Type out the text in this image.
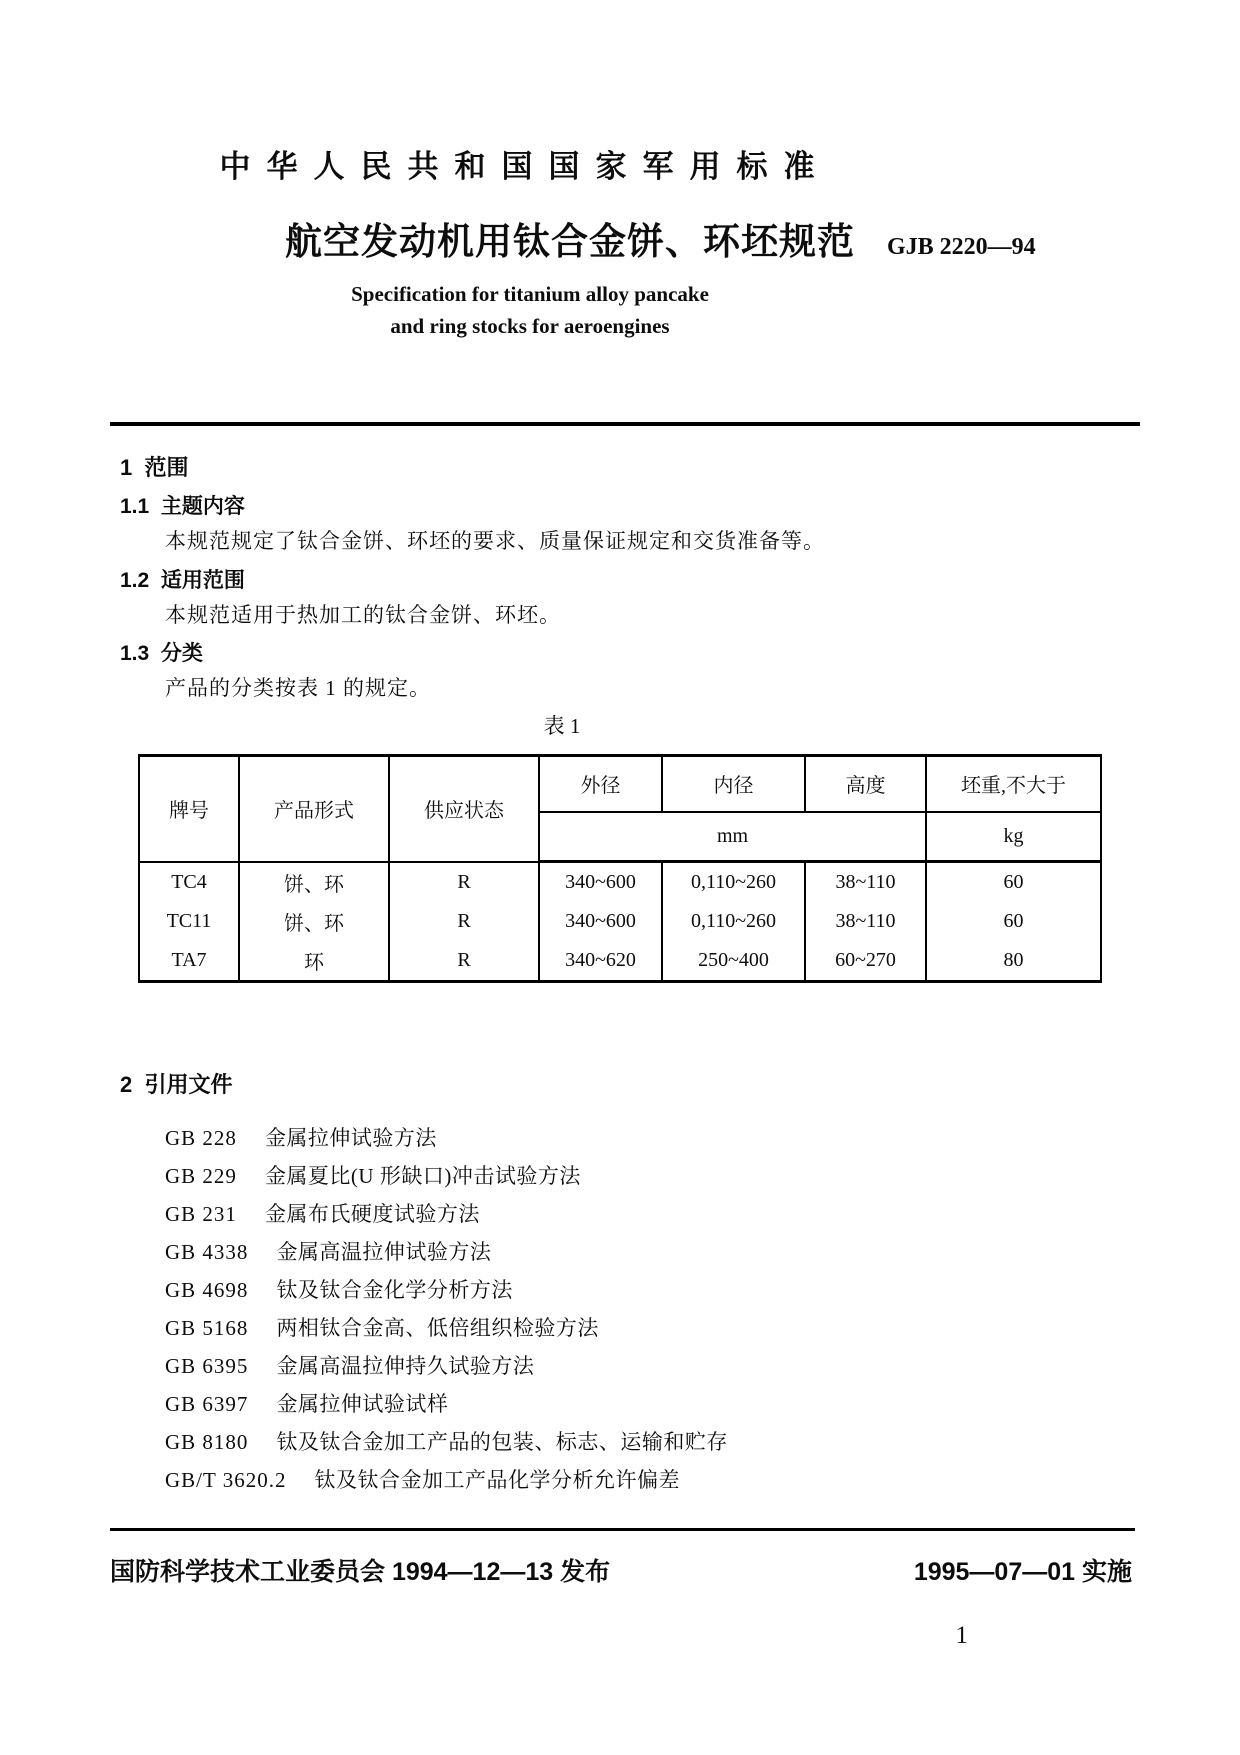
中华人民共和国国家军用标准
航空发动机用钛合金饼、环坯规范 GJB 2220—94
Specification for titanium alloy pancake
and ring stocks for aeroengines
1  范围
1.1  主题内容

本规范规定了钛合金饼、环坯的要求、质量保证规定和交货准备等。

1.2  适用范围

本规范适用于热加工的钛合金饼、环坯。

1.3  分类

产品的分类按表 1 的规定。

表 1
牌号	产品形式	供应状态	外径	内径	高度	坯重,不大于
			mm			kg
TC4	饼、环	R	340~600	0,110~260	38~110	60
TC11	饼、环	R	340~600	0,110~260	38~110	60
TA7	环	R	340~620	250~400	60~270	80
2  引用文件
GB 228 金属拉伸试验方法
GB 229 金属夏比(U 形缺口)冲击试验方法
GB 231 金属布氏硬度试验方法
GB 4338 金属高温拉伸试验方法
GB 4698 钛及钛合金化学分析方法
GB 5168 两相钛合金高、低倍组织检验方法
GB 6395 金属高温拉伸持久试验方法
GB 6397 金属拉伸试验试样
GB 8180 钛及钛合金加工产品的包装、标志、运输和贮存
GB/T 3620.2 钛及钛合金加工产品化学分析允许偏差
国防科学技术工业委员会 1994—12—13 发布	1995—07—01 实施
1
